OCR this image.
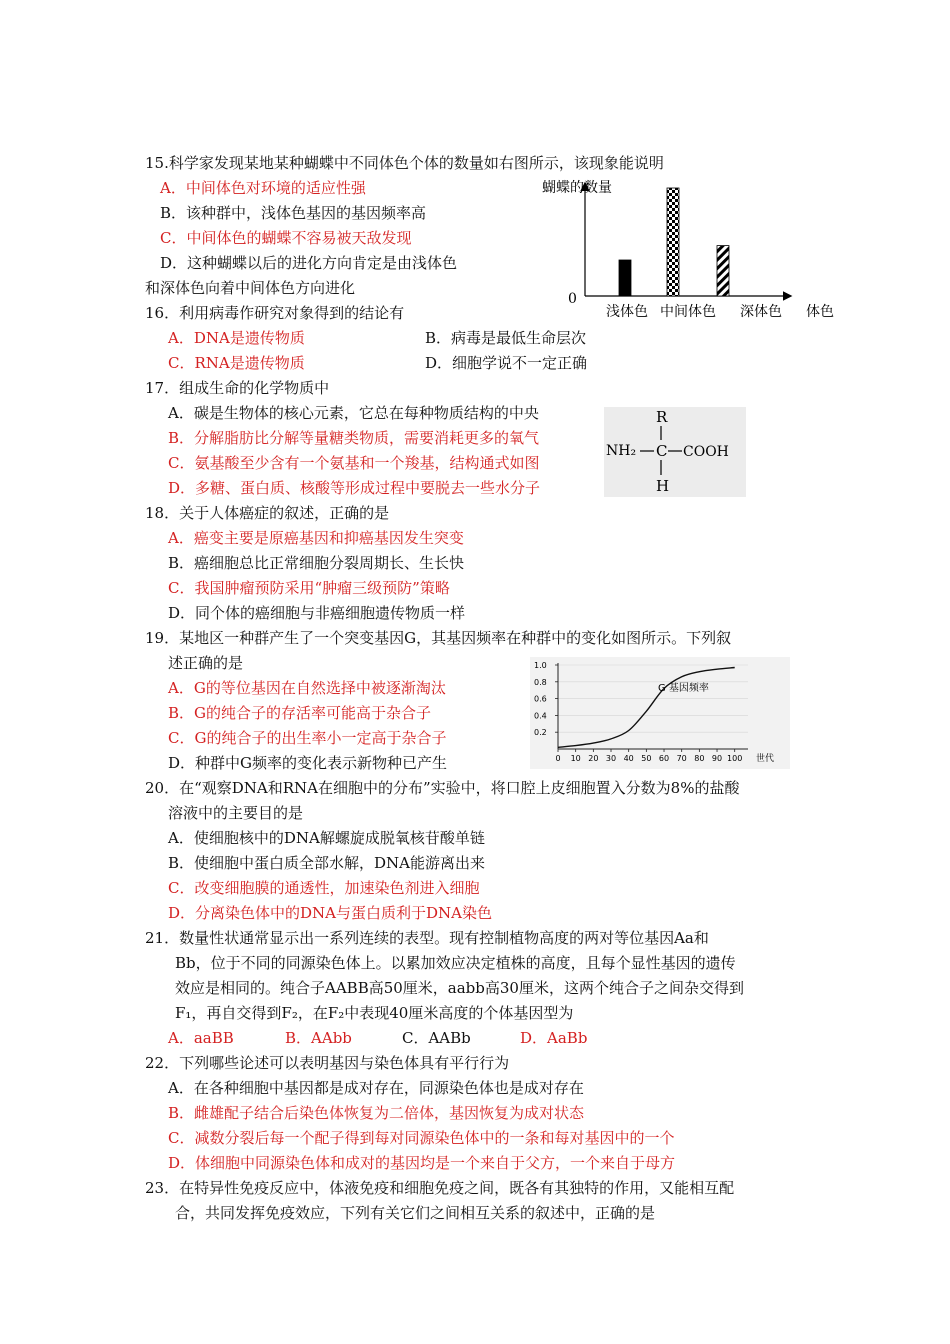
15.科学家发现某地某种蝴蝶中不同体色个体的数量如右图所示，该现象能说明
A．中间体色对环境的适应性强
B．该种群中，浅体色基因的基因频率高
C．中间体色的蝴蝶不容易被天敌发现
D．这种蝴蝶以后的进化方向肯定是由浅体色
和深体色向着中间体色方向进化
蝴蝶的数量
0
体色
浅体色 中间体色 深体色
16．利用病毒作研究对象得到的结论有
A．DNA是遗传物质	B．病毒是最低生命层次
C．RNA是遗传物质	D．细胞学说不一定正确
17．组成生命的化学物质中
A．碳是生物体的核心元素，它总在每种物质结构的中央
B．分解脂肪比分解等量糖类物质，需要消耗更多的氧气
C．氨基酸至少含有一个氨基和一个羧基，结构通式如图
D．多糖、蛋白质、核酸等形成过程中要脱去一些水分子
R
NH₂ C COOH
H
18．关于人体癌症的叙述，正确的是
A．癌变主要是原癌基因和抑癌基因发生突变
B．癌细胞总比正常细胞分裂周期长、生长快
C．我国肿瘤预防采用“肿瘤三级预防”策略
D．同个体的癌细胞与非癌细胞遗传物质一样
19．某地区一种群产生了一个突变基因G，其基因频率在种群中的变化如图所示。下列叙
述正确的是
A．G的等位基因在自然选择中被逐渐淘汰
B．G的纯合子的存活率可能高于杂合子
C．G的纯合子的出生率小一定高于杂合子
D．种群中G频率的变化表示新物种已产生
0.2
0.4
0.6
0.8
1.0
0 10 20 30 40 50 60 70 80 90 100
G 基因频率
世代
20．在“观察DNA和RNA在细胞中的分布”实验中，将口腔上皮细胞置入分数为8%的盐酸
溶液中的主要目的是
A．使细胞核中的DNA解螺旋成脱氧核苷酸单链
B．使细胞中蛋白质全部水解，DNA能游离出来
C．改变细胞膜的通透性，加速染色剂进入细胞
D．分离染色体中的DNA与蛋白质利于DNA染色
21．数量性状通常显示出一系列连续的表型。现有控制植物高度的两对等位基因Aa和
Bb，位于不同的同源染色体上。以累加效应决定植株的高度，且每个显性基因的遗传
效应是相同的。纯合子AABB高50厘米，aabb高30厘米，这两个纯合子之间杂交得到
F₁，再自交得到F₂，在F₂中表现40厘米高度的个体基因型为
A．aaBB	B．AAbb	C．AABb	D．AaBb
22．下列哪些论述可以表明基因与染色体具有平行行为
A．在各种细胞中基因都是成对存在，同源染色体也是成对存在
B．雌雄配子结合后染色体恢复为二倍体，基因恢复为成对状态
C．减数分裂后每一个配子得到每对同源染色体中的一条和每对基因中的一个
D．体细胞中同源染色体和成对的基因均是一个来自于父方，一个来自于母方
23．在特异性免疫反应中，体液免疫和细胞免疫之间，既各有其独特的作用，又能相互配
合，共同发挥免疫效应，下列有关它们之间相互关系的叙述中，正确的是
